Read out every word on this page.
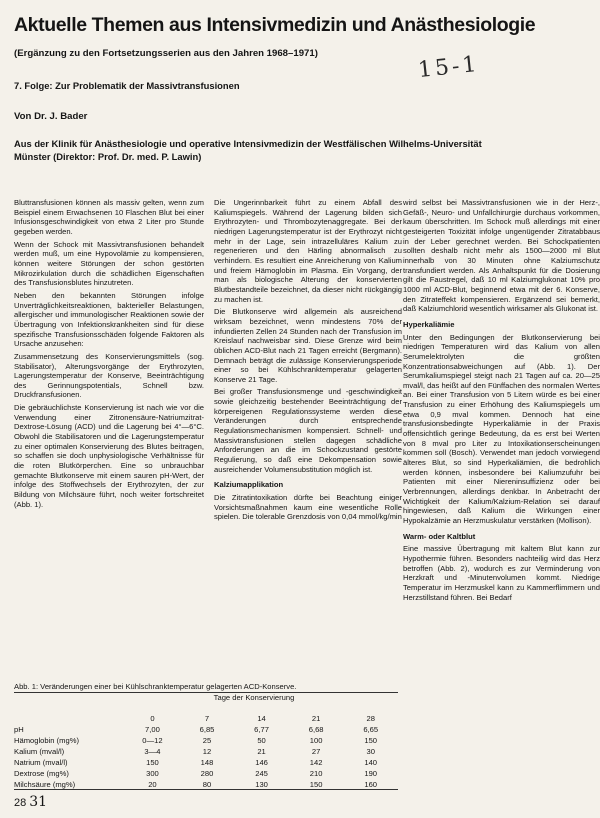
Aktuelle Themen aus Intensivmedizin und Anästhesiologie
(Ergänzung zu den Fortsetzungsserien aus den Jahren 1968–1971)	15-1
7. Folge: Zur Problematik der Massivtransfusionen
Von Dr. J. Bader
Aus der Klinik für Anästhesiologie und operative Intensivmedizin der Westfälischen Wilhelms-Universität Münster (Direktor: Prof. Dr. med. P. Lawin)

Bluttransfusionen können als massiv gelten, wenn zum Beispiel einem Erwachsenen 10 Flaschen Blut bei einer Infusionsgeschwindigkeit von etwa 2 Liter pro Stunde gegeben werden.

Wenn der Schock mit Massivtransfusionen behandelt werden muß, um eine Hypovolämie zu kompensieren, können weitere Störungen der schon gestörten Mikrozirkulation durch die schädlichen Eigenschaften des Transfusionsblutes hinzutreten.

Neben den bekannten Störungen infolge Unverträglichkeitsreaktionen, bakterieller Belastungen, allergischer und immunologischer Reaktionen sowie der Übertragung von Infektionskrankheiten sind für diese spezifische Transfusionsschäden folgende Faktoren als Ursache anzusehen:

Zusammensetzung des Konservierungsmittels (sog. Stabilisator), Alterungsvorgänge der Erythrozyten, Lagerungstemperatur der Konserve, Beeinträchtigung des Gerinnungspotentials, Schnell bzw. Druckfransfusionen.

Die gebräuchlichste Konservierung ist nach wie vor die Verwendung einer Zitronensäure-Natriumzitrat-Dextrose-Lösung (ACD) und die Lagerung bei 4°—6°C. Obwohl die Stabilisatoren und die Lagerungstemperatur zu einer optimalen Konservierung des Blutes beitragen, so schaffen sie doch unphysiologische Verhältnisse für die roten Blutkörperchen. Eine so unbrauchbar gemachte Blutkonserve mit einem sauren pH-Wert, der infolge des Stoffwechsels der Erythrozyten, der zur Bildung von Milchsäure führt, noch weiter fortschreitet (Abb. 1).

Die Ungerinnbarkeit führt zu einem Abfall des Kaliumspiegels. Während der Lagerung bilden sich Erythrozyten- und Thrombozytenaggregate. Bei der niedrigen Lagerungstemperatur ist der Erythrozyt nicht mehr in der Lage, sein intrazelluläres Kalium zu regenerieren und den Härling abnormalisch zu verhindern. Es resultiert eine Anreicherung von Kalium und freiem Hämoglobin im Plasma. Ein Vorgang, der man als biologische Alterung der konservierten Blutbestandteile bezeichnet, da dieser nicht rückgängig zu machen ist.

Die Blutkonserve wird allgemein als ausreichend wirksam bezeichnet, wenn mindestens 70% der infundierten Zellen 24 Stunden nach der Transfusion im Kreislauf nachweisbar sind. Diese Grenze wird beim üblichen ACD-Blut nach 21 Tagen erreicht (Bergmann). Demnach beträgt die zulässige Konservierungsperiode einer so bei Kühlschranktemperatur gelagerten Konserve 21 Tage.

Bei großer Transfusionsmenge und -geschwindigkeit sowie gleichzeitig bestehender Beeinträchtigung der körpereigenen Regulationssysteme werden diese Veränderungen durch entsprechende Regulationsmechanismen kompensiert. Schnell- und Massivtransfusionen stellen dagegen schädliche Anforderungen an die im Schockzustand gestörte Regulierung, so daß eine Dekompensation sowie ausreichender Volumensubstitution möglich ist.

Kalziumapplikation

Die Zitratintoxikation dürfte bei Beachtung einiger Vorsichtsmaßnahmen kaum eine wesentliche Rolle spielen. Die tolerable Grenzdosis von 0,04 mmol/kg/min

wird selbst bei Massivtransfusionen wie in der Herz-, Gefäß-, Neuro- und Unfallchirurgie durchaus vorkommen, kaum überschritten. Im Schock muß allerdings mit einer gesteigerten Toxizität infolge ungenügender Zitratabbaus in der Leber gerechnet werden. Bei Schockpatienten sollten deshalb nicht mehr als 1500—2000 ml Blut innerhalb von 30 Minuten ohne Kalziumschutz transfundiert werden. Als Anhaltspunkt für die Dosierung gilt die Faustregel, daß 10 ml Kalziumglukonat 10% pro 1000 ml ACD-Blut, beginnend etwa mit der 6. Konserve, den Zitrateffekt kompensieren. Ergänzend sei bemerkt, daß Kalziumchlorid wesentlich wirksamer als Glukonat ist.

Hyperkaliämie

Unter den Bedingungen der Blutkonservierung bei niedrigen Temperaturen wird das Kalium von allen Serumelektrolyten die größten Konzentrationsabweichungen auf (Abb. 1). Der Serumkaliumspiegel steigt nach 21 Tagen auf ca. 20—25 mval/l, das heißt auf den Fünffachen des normalen Wertes an. Bei einer Transfusion von 5 Litern würde es bei einer Transfusion zu einer Erhöhung des Kaliumspiegels um etwa 0,9 mval kommen. Dennoch hat eine transfusionsbedingte Hyperkaliämie in der Praxis offensichtlich geringe Bedeutung, da es erst bei Werten von 8 mval pro Liter zu Intoxikationserscheinungen kommen soll (Bosch). Verwendet man jedoch vorwiegend älteres Blut, so sind Hyperkaliämien, die bedrohlich werden können, insbesondere bei Kaliumzufuhr bei Patienten mit einer Niereninsuffizienz oder bei Verbrennungen, allerdings denkbar. In Anbetracht der Wichtigkeit der Kalium/Kalzium-Relation sei darauf hingewiesen, daß Kalium die Wirkungen einer Hypokalzämie an Herzmuskulatur verstärken (Mollison).

Warm- oder Kaltblut

Eine massive Übertragung mit kaltem Blut kann zur Hypothermie führen. Besonders nachteilig wird das Herz betroffen (Abb. 2), wodurch es zur Verminderung von Herzkraft und -Minutenvolumen kommt. Niedrige Temperatur im Herzmuskel kann zu Kammerflimmern und Herzstillstand führen. Bei Bedarf

Abb. 1: Veränderungen einer bei Kühlschranktemperatur gelagerten ACD-Konserve.
Tage der Konservierung
	0	7	14	21	28
pH	7,00	6,85	6,77	6,68	6,65
Hämoglobin (mg%)	0—12	25	50	100	150
Kalium (mval/l)	3—4	12	21	27	30
Natrium (mval/l)	150	148	146	142	140
Dextrose (mg%)	300	280	245	210	190
Milchsäure (mg%)	20	80	130	150	160
28 31
